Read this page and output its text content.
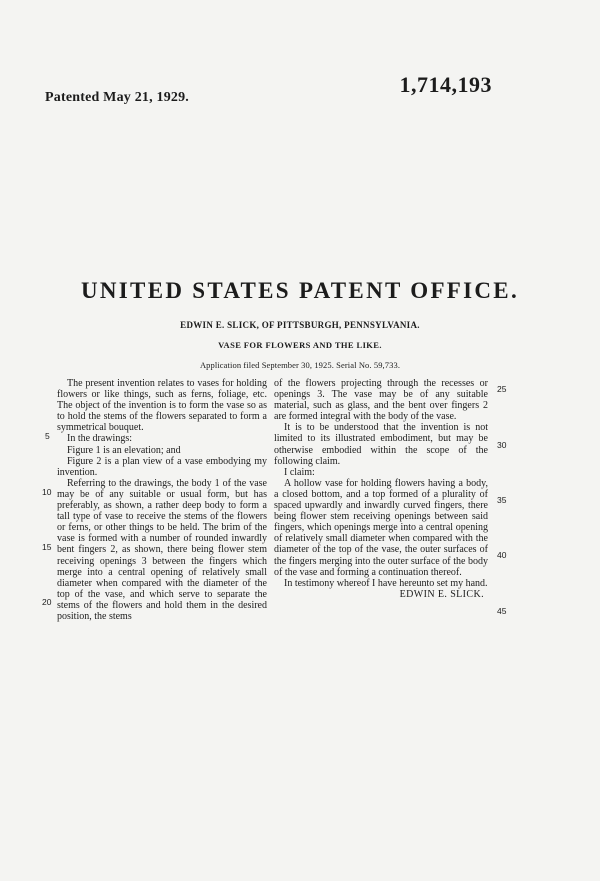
Patented May 21, 1929.
1,714,193
UNITED STATES PATENT OFFICE.
EDWIN E. SLICK, OF PITTSBURGH, PENNSYLVANIA.
VASE FOR FLOWERS AND THE LIKE.
Application filed September 30, 1925. Serial No. 59,733.

The present invention relates to vases for holding flowers or like things, such as ferns, foliage, etc. The object of the invention is to form the vase so as to hold the stems of the flowers separated to form a symmetrical bouquet.

In the drawings:

Figure 1 is an elevation; and

Figure 2 is a plan view of a vase embodying my invention.

Referring to the drawings, the body 1 of the vase may be of any suitable or usual form, but has preferably, as shown, a rather deep body to form a tall type of vase to receive the stems of the flowers or ferns, or other things to be held. The brim of the vase is formed with a number of rounded inwardly bent fingers 2, as shown, there being flower stem receiving openings 3 between the fingers which merge into a central opening of relatively small diameter when compared with the diameter of the top of the vase, and which serve to separate the stems of the flowers and hold them in the desired position, the stems

of the flowers projecting through the recesses or openings 3. The vase may be of any suitable material, such as glass, and the bent over fingers 2 are formed integral with the body of the vase.

It is to be understood that the invention is not limited to its illustrated embodiment, but may be otherwise embodied within the scope of the following claim.

I claim:

A hollow vase for holding flowers having a body, a closed bottom, and a top formed of a plurality of spaced upwardly and inwardly curved fingers, there being flower stem receiving openings between said fingers, which openings merge into a central opening of relatively small diameter when compared with the diameter of the top of the vase, the outer surfaces of the fingers merging into the outer surface of the body of the vase and forming a continuation thereof.

In testimony whereof I have hereunto set my hand.

EDWIN E. SLICK.

5
10
15
20
25
30
35
40
45
